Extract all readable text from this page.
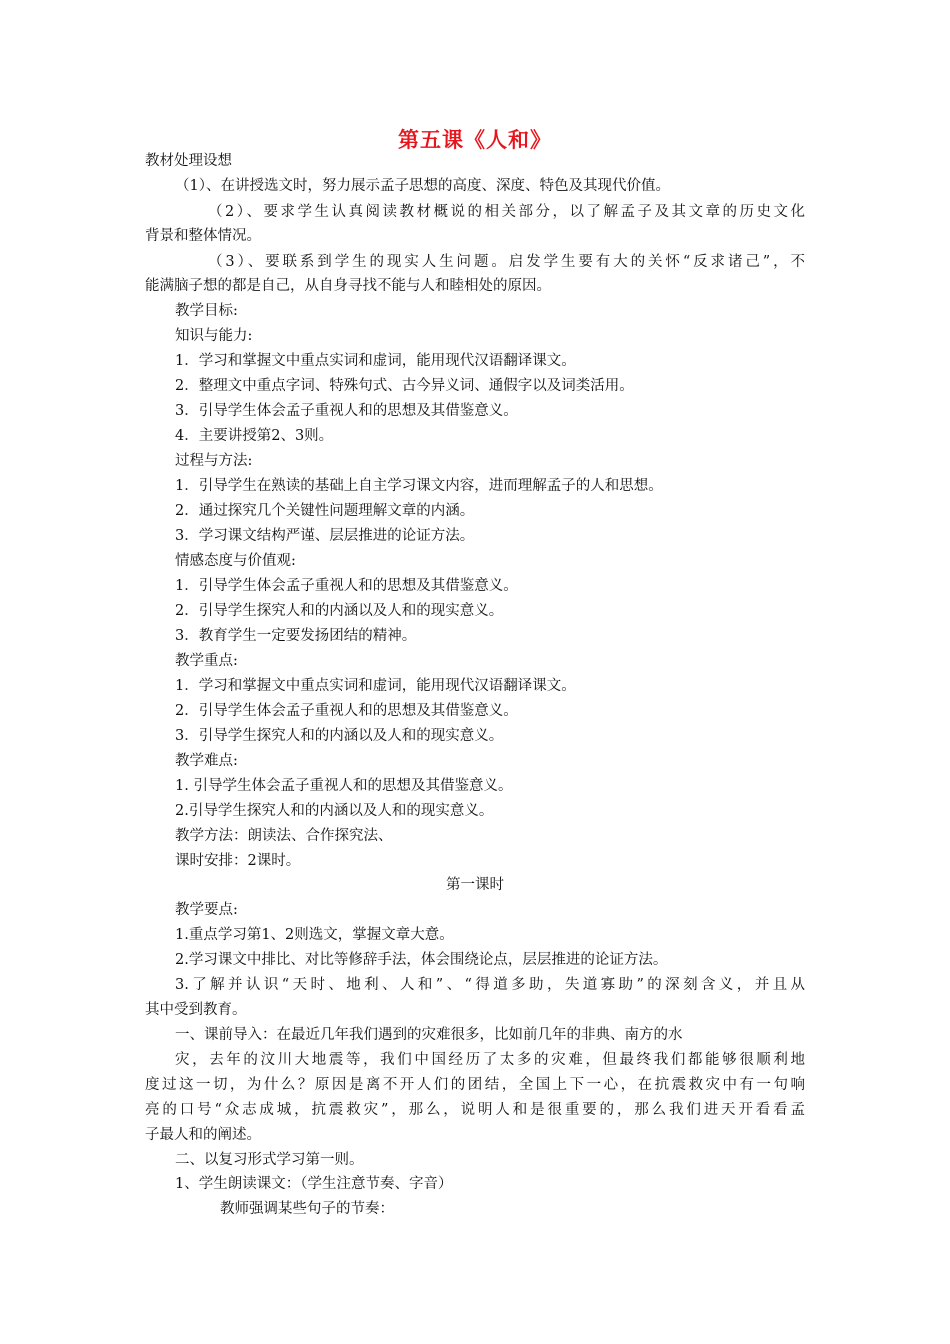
第五课《人和》
教材处理设想
（1）、在讲授选文时，努力展示孟子思想的高度、深度、特色及其现代价值。
（2）、要求学生认真阅读教材概说的相关部分，以了解孟子及其文章的历史文化
背景和整体情况。
（3）、要联系到学生的现实人生问题。启发学生要有大的关怀“反求诸己”，不
能满脑子想的都是自己，从自身寻找不能与人和睦相处的原因。
教学目标:
知识与能力:
1．学习和掌握文中重点实词和虚词，能用现代汉语翻译课文。
2．整理文中重点字词、特殊句式、古今异义词、通假字以及词类活用。
3．引导学生体会孟子重视人和的思想及其借鉴意义。
4．主要讲授第2、3则。
过程与方法:
1．引导学生在熟读的基础上自主学习课文内容，进而理解孟子的人和思想。
2．通过探究几个关键性问题理解文章的内涵。
3．学习课文结构严谨、层层推进的论证方法。
情感态度与价值观:
1．引导学生体会孟子重视人和的思想及其借鉴意义。
2．引导学生探究人和的内涵以及人和的现实意义。
3．教育学生一定要发扬团结的精神。
教学重点:
1．学习和掌握文中重点实词和虚词，能用现代汉语翻译课文。
2．引导学生体会孟子重视人和的思想及其借鉴意义。
3．引导学生探究人和的内涵以及人和的现实意义。
教学难点:
1. 引导学生体会孟子重视人和的思想及其借鉴意义。
2.引导学生探究人和的内涵以及人和的现实意义。
教学方法：朗读法、合作探究法、
课时安排：2课时。
第一课时
教学要点:
1.重点学习第1、2则选文，掌握文章大意。
2.学习课文中排比、对比等修辞手法，体会围绕论点，层层推进的论证方法。
3.了解并认识“天时、地利、人和”、“得道多助，失道寡助”的深刻含义，并且从
其中受到教育。
一、课前导入：在最近几年我们遇到的灾难很多，比如前几年的非典、南方的水
灾，去年的汶川大地震等，我们中国经历了太多的灾难，但最终我们都能够很顺利地
度过这一切，为什么？原因是离不开人们的团结，全国上下一心，在抗震救灾中有一句响
亮的口号“众志成城，抗震救灾”，那么，说明人和是很重要的，那么我们进天开看看孟
子最人和的阐述。
二、以复习形式学习第一则。
1、学生朗读课文：（学生注意节奏、字音）
教师强调某些句子的节奏：
